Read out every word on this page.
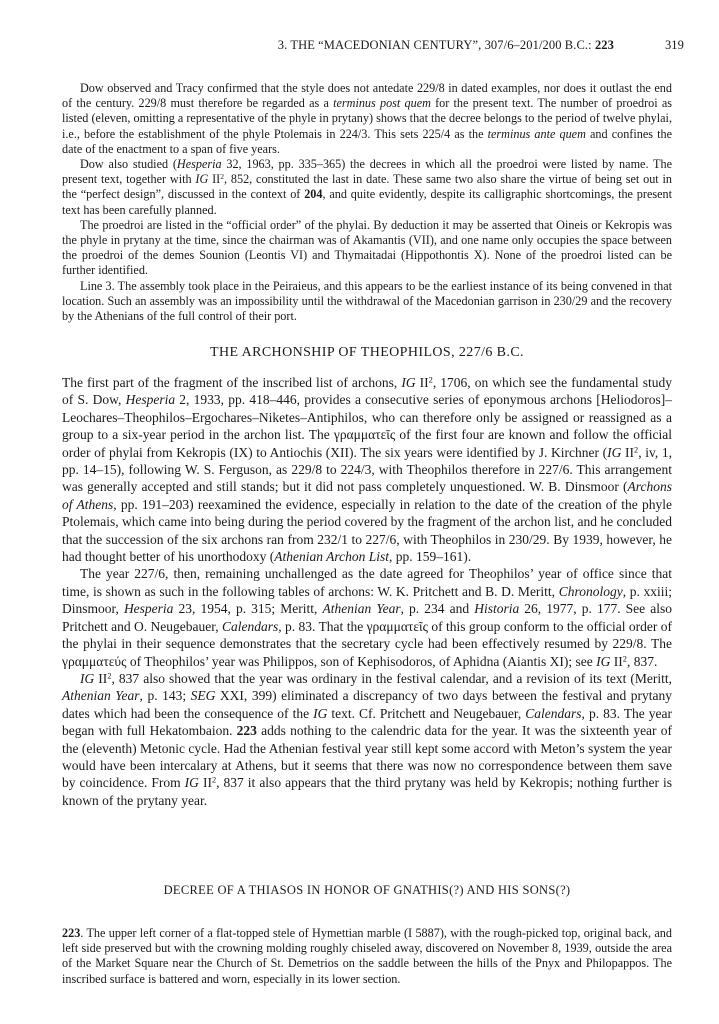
3. THE “MACEDONIAN CENTURY”, 307/6–201/200 B.C.: 223	319

Dow observed and Tracy confirmed that the style does not antedate 229/8 in dated examples, nor does it outlast the end of the century. 229/8 must therefore be regarded as a terminus post quem for the present text. The number of proedroi as listed (eleven, omitting a representative of the phyle in prytany) shows that the decree belongs to the period of twelve phylai, i.e., before the establishment of the phyle Ptolemais in 224/3. This sets 225/4 as the terminus ante quem and confines the date of the enactment to a span of five years.

Dow also studied (Hesperia 32, 1963, pp. 335–365) the decrees in which all the proedroi were listed by name. The present text, together with IG $II^2$, 852, constituted the last in date. These same two also share the virtue of being set out in the “perfect design”, discussed in the context of 204, and quite evidently, despite its calligraphic shortcomings, the present text has been carefully planned.

The proedroi are listed in the “official order” of the phylai. By deduction it may be asserted that Oineis or Kekropis was the phyle in prytany at the time, since the chairman was of Akamantis (VII), and one name only occupies the space between the proedroi of the demes Sounion (Leontis VI) and Thymaitadai (Hippothontis X). None of the proedroi listed can be further identified.

Line 3. The assembly took place in the Peiraieus, and this appears to be the earliest instance of its being convened in that location. Such an assembly was an impossibility until the withdrawal of the Macedonian garrison in 230/29 and the recovery by the Athenians of the full control of their port.

THE ARCHONSHIP OF THEOPHILOS, 227/6 B.C.

The first part of the fragment of the inscribed list of archons, IG $II^2$, 1706, on which see the fundamental study of S. Dow, Hesperia 2, 1933, pp. 418–446, provides a consecutive series of eponymous archons [Heliodoros]–Leochares–Theophilos–Ergochares–Niketes–Antiphilos, who can therefore only be assigned or reassigned as a group to a six-year period in the archon list. The γραμματεῖς of the first four are known and follow the official order of phylai from Kekropis (IX) to Antiochis (XII). The six years were identified by J. Kirchner (IG $II^2$, iv, 1, pp. 14–15), following W. S. Ferguson, as 229/8 to 224/3, with Theophilos therefore in 227/6. This arrangement was generally accepted and still stands; but it did not pass completely unquestioned. W. B. Dinsmoor (Archons of Athens, pp. 191–203) reexamined the evidence, especially in relation to the date of the creation of the phyle Ptolemais, which came into being during the period covered by the fragment of the archon list, and he concluded that the succession of the six archons ran from 232/1 to 227/6, with Theophilos in 230/29. By 1939, however, he had thought better of his unorthodoxy (Athenian Archon List, pp. 159–161).

The year 227/6, then, remaining unchallenged as the date agreed for Theophilos’ year of office since that time, is shown as such in the following tables of archons: W. K. Pritchett and B. D. Meritt, Chronology, p. xxiii; Dinsmoor, Hesperia 23, 1954, p. 315; Meritt, Athenian Year, p. 234 and Historia 26, 1977, p. 177. See also Pritchett and O. Neugebauer, Calendars, p. 83. That the γραμματεῖς of this group conform to the official order of the phylai in their sequence demonstrates that the secretary cycle had been effectively resumed by 229/8. The γραμματεύς of Theophilos’ year was Philippos, son of Kephisodoros, of Aphidna (Aiantis XI); see IG $II^2$, 837.

IG $II^2$, 837 also showed that the year was ordinary in the festival calendar, and a revision of its text (Meritt, Athenian Year, p. 143; SEG XXI, 399) eliminated a discrepancy of two days between the festival and prytany dates which had been the consequence of the IG text. Cf. Pritchett and Neugebauer, Calendars, p. 83. The year began with full Hekatombaion. 223 adds nothing to the calendric data for the year. It was the sixteenth year of the (eleventh) Metonic cycle. Had the Athenian festival year still kept some accord with Meton’s system the year would have been intercalary at Athens, but it seems that there was now no correspondence between them save by coincidence. From IG $II^2$, 837 it also appears that the third prytany was held by Kekropis; nothing further is known of the prytany year.

DECREE OF A THIASOS IN HONOR OF GNATHIS(?) AND HIS SONS(?)

223. The upper left corner of a flat-topped stele of Hymettian marble (I 5887), with the rough-picked top, original back, and left side preserved but with the crowning molding roughly chiseled away, discovered on November 8, 1939, outside the area of the Market Square near the Church of St. Demetrios on the saddle between the hills of the Pnyx and Philopappos. The inscribed surface is battered and worn, especially in its lower section.
